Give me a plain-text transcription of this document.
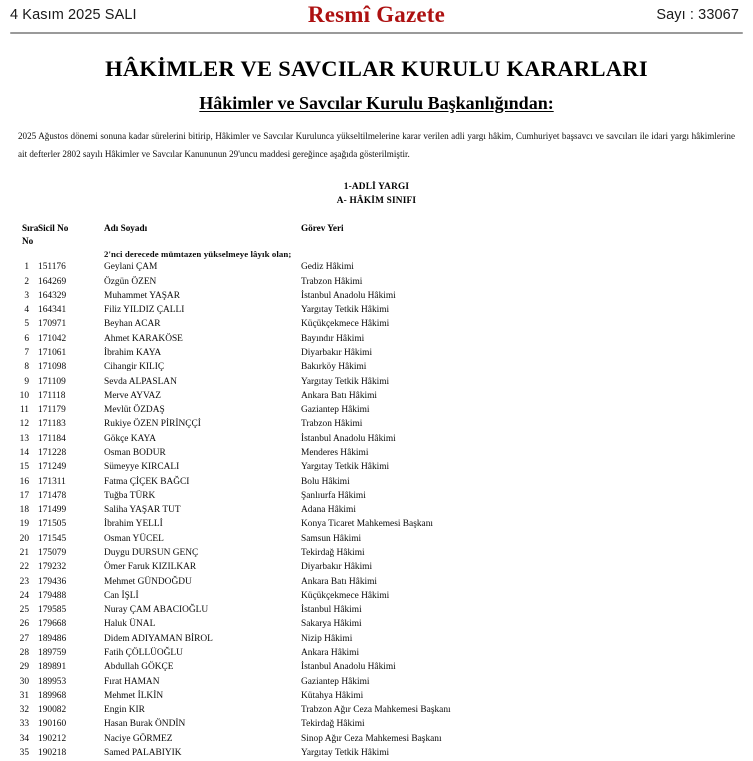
4 Kasım 2025 SALI	Resmî Gazete	Sayı : 33067
HÂKİMLER VE SAVCILAR KURULU KARARLARI
Hâkimler ve Savcılar Kurulu Başkanlığından:

2025 Ağustos dönemi sonuna kadar sürelerini bitirip, Hâkimler ve Savcılar Kurulunca yükseltilmelerine karar verilen adli yargı hâkim, Cumhuriyet başsavcı ve savcıları ile idari yargı hâkimlerine ait defterler 2802 sayılı Hâkimler ve Savcılar Kanununun 29'uncu maddesi gereğince aşağıda gösterilmiştir.

1-ADLİ YARGI
A- HÂKİM SINIFI
Sıra
No	Sicil No	Adı Soyadı	Görev Yeri
		2'nci derecede mümtazen yükselmeye lâyık olan;	
1	151176	Geylani ÇAM	Gediz Hâkimi
2	164269	Özgün ÖZEN	Trabzon Hâkimi
3	164329	Muhammet YAŞAR	İstanbul Anadolu Hâkimi
4	164341	Filiz YILDIZ ÇALLI	Yargıtay Tetkik Hâkimi
5	170971	Beyhan ACAR	Küçükçekmece Hâkimi
6	171042	Ahmet KARAKÖSE	Bayındır Hâkimi
7	171061	İbrahim KAYA	Diyarbakır Hâkimi
8	171098	Cihangir KILIÇ	Bakırköy Hâkimi
9	171109	Sevda ALPASLAN	Yargıtay Tetkik Hâkimi
10	171118	Merve AYVAZ	Ankara Batı Hâkimi
11	171179	Mevlüt ÖZDAŞ	Gaziantep Hâkimi
12	171183	Rukiye ÖZEN PİRİNÇÇİ	Trabzon Hâkimi
13	171184	Gökçe KAYA	İstanbul Anadolu Hâkimi
14	171228	Osman BODUR	Menderes Hâkimi
15	171249	Sümeyye KIRCALI	Yargıtay Tetkik Hâkimi
16	171311	Fatma ÇİÇEK BAĞCI	Bolu Hâkimi
17	171478	Tuğba TÜRK	Şanlıurfa Hâkimi
18	171499	Saliha YAŞAR TUT	Adana Hâkimi
19	171505	İbrahim YELLİ	Konya Ticaret Mahkemesi Başkanı
20	171545	Osman YÜCEL	Samsun Hâkimi
21	175079	Duygu DURSUN GENÇ	Tekirdağ Hâkimi
22	179232	Ömer Faruk KIZILKAR	Diyarbakır Hâkimi
23	179436	Mehmet GÜNDOĞDU	Ankara Batı Hâkimi
24	179488	Can İŞLİ	Küçükçekmece Hâkimi
25	179585	Nuray ÇAM ABACIOĞLU	İstanbul Hâkimi
26	179668	Haluk ÜNAL	Sakarya Hâkimi
27	189486	Didem ADIYAMAN BİROL	Nizip Hâkimi
28	189759	Fatih ÇÖLLÜOĞLU	Ankara Hâkimi
29	189891	Abdullah GÖKÇE	İstanbul Anadolu Hâkimi
30	189953	Fırat HAMAN	Gaziantep Hâkimi
31	189968	Mehmet İLKİN	Kütahya Hâkimi
32	190082	Engin KIR	Trabzon Ağır Ceza Mahkemesi Başkanı
33	190160	Hasan Burak ÖNDİN	Tekirdağ Hâkimi
34	190212	Naciye GÖRMEZ	Sinop Ağır Ceza Mahkemesi Başkanı
35	190218	Samed PALABIYIK	Yargıtay Tetkik Hâkimi
